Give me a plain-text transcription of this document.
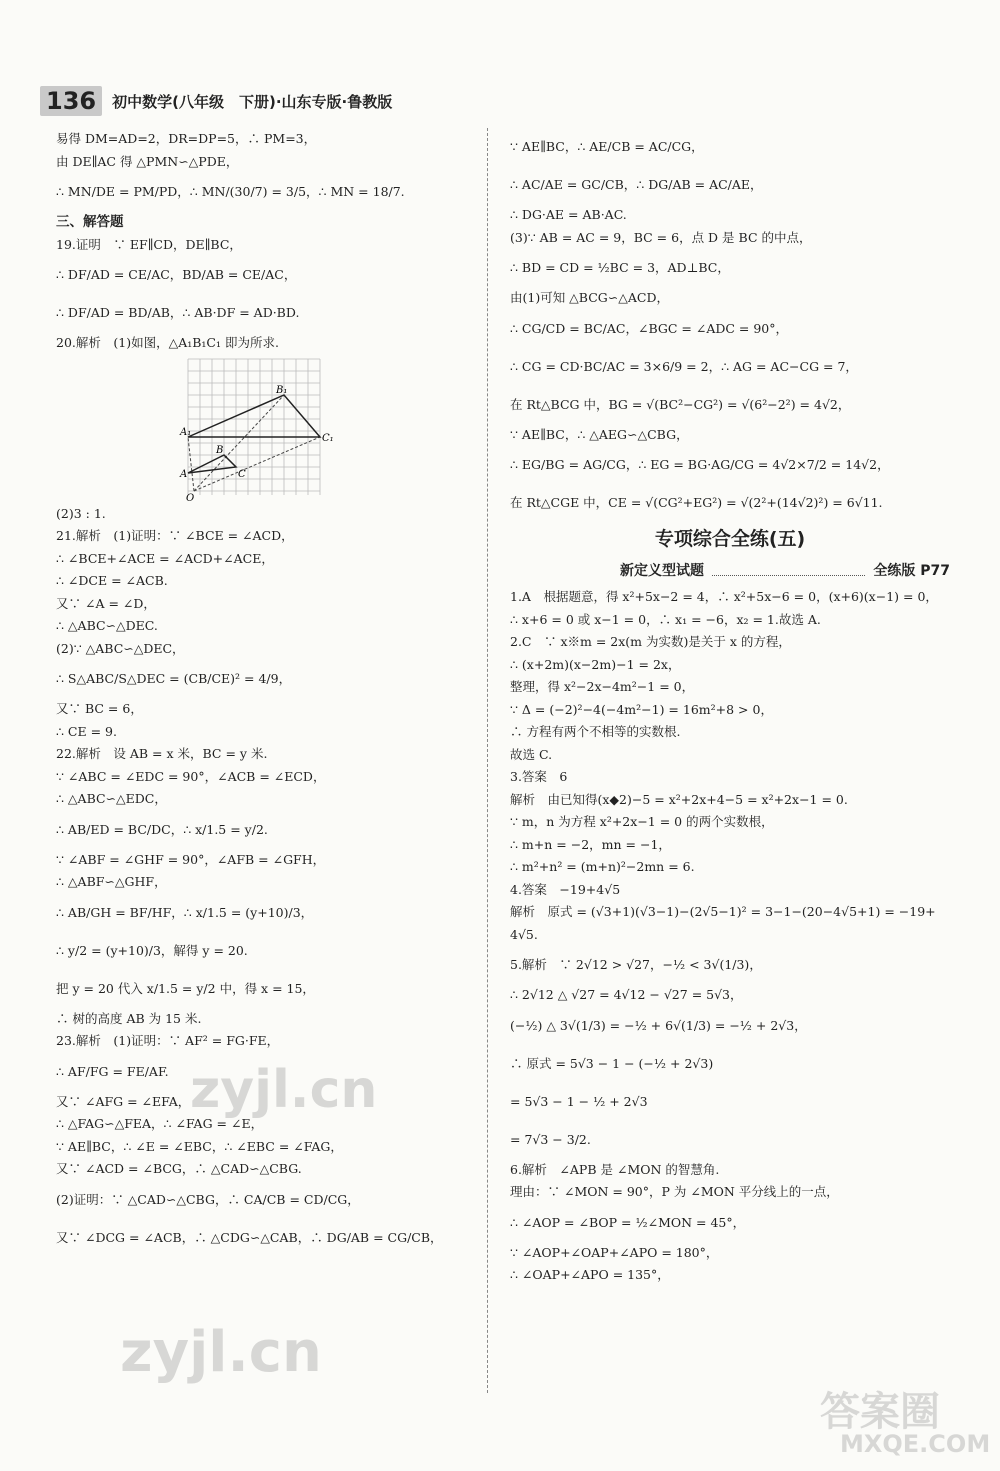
136	初中数学(八年级　下册)·山东专版·鲁教版
易得 DM=AD=2，DR=DP=5，∴ PM=3，
由 DE∥AC 得 △PMN∽△PDE，
∴ MN/DE = PM/PD，∴ MN/(30/7) = 3/5，∴ MN = 18/7.
三、解答题
19.证明　∵ EF∥CD，DE∥BC，
∴ DF/AD = CE/AC，BD/AB = CE/AC，
∴ DF/AD = BD/AB，∴ AB·DF = AD·BD.
20.解析　(1)如图，△A₁B₁C₁ 即为所求.
B₁
A₁
C₁
B
A	C
O
(2)3 : 1.
21.解析　(1)证明：∵ ∠BCE = ∠ACD，
∴ ∠BCE+∠ACE = ∠ACD+∠ACE，
∴ ∠DCE = ∠ACB.
又∵ ∠A = ∠D，
∴ △ABC∽△DEC.
(2)∵ △ABC∽△DEC，
∴ S△ABC/S△DEC = (CB/CE)² = 4/9，
又∵ BC = 6，
∴ CE = 9.
22.解析　设 AB = x 米，BC = y 米.
∵ ∠ABC = ∠EDC = 90°，∠ACB = ∠ECD，
∴ △ABC∽△EDC，
∴ AB/ED = BC/DC，∴ x/1.5 = y/2.
∵ ∠ABF = ∠GHF = 90°，∠AFB = ∠GFH，
∴ △ABF∽△GHF，
∴ AB/GH = BF/HF，∴ x/1.5 = (y+10)/3，
∴ y/2 = (y+10)/3，解得 y = 20.
把 y = 20 代入 x/1.5 = y/2 中，得 x = 15，
∴ 树的高度 AB 为 15 米.
23.解析　(1)证明：∵ AF² = FG·FE，
∴ AF/FG = FE/AF.
又∵ ∠AFG = ∠EFA，
∴ △FAG∽△FEA，∴ ∠FAG = ∠E，
∵ AE∥BC，∴ ∠E = ∠EBC，∴ ∠EBC = ∠FAG，
又∵ ∠ACD = ∠BCG，∴ △CAD∽△CBG.
(2)证明：∵ △CAD∽△CBG，∴ CA/CB = CD/CG，
又∵ ∠DCG = ∠ACB，∴ △CDG∽△CAB，∴ DG/AB = CG/CB，
∵ AE∥BC，∴ AE/CB = AC/CG，
∴ AC/AE = GC/CB，∴ DG/AB = AC/AE，
∴ DG·AE = AB·AC.
(3)∵ AB = AC = 9，BC = 6，点 D 是 BC 的中点，
∴ BD = CD = ½BC = 3，AD⊥BC，
由(1)可知 △BCG∽△ACD，
∴ CG/CD = BC/AC，∠BGC = ∠ADC = 90°，
∴ CG = CD·BC/AC = 3×6/9 = 2，∴ AG = AC−CG = 7，
在 Rt△BCG 中，BG = √(BC²−CG²) = √(6²−2²) = 4√2，
∵ AE∥BC，∴ △AEG∽△CBG，
∴ EG/BG = AG/CG，∴ EG = BG·AG/CG = 4√2×7/2 = 14√2，
在 Rt△CGE 中，CE = √(CG²+EG²) = √(2²+(14√2)²) = 6√11.
专项综合全练(五)
新定义型试题	全练版 P77
1.A　根据题意，得 x²+5x−2 = 4，∴ x²+5x−6 = 0，(x+6)(x−1) = 0，
∴ x+6 = 0 或 x−1 = 0，∴ x₁ = −6，x₂ = 1.故选 A.
2.C　∵ x※m = 2x(m 为实数)是关于 x 的方程，
∴ (x+2m)(x−2m)−1 = 2x，
整理，得 x²−2x−4m²−1 = 0，
∵ Δ = (−2)²−4(−4m²−1) = 16m²+8 > 0，
∴ 方程有两个不相等的实数根.
故选 C.
3.答案　6
解析　由已知得(x◆2)−5 = x²+2x+4−5 = x²+2x−1 = 0.
∵ m，n 为方程 x²+2x−1 = 0 的两个实数根，
∴ m+n = −2，mn = −1，
∴ m²+n² = (m+n)²−2mn = 6.
4.答案　−19+4√5
解析　原式 = (√3+1)(√3−1)−(2√5−1)² = 3−1−(20−4√5+1) = −19+
4√5.
5.解析　∵ 2√12 > √27，−½ < 3√(1/3)，
∴ 2√12 △ √27 = 4√12 − √27 = 5√3，
(−½) △ 3√(1/3) = −½ + 6√(1/3) = −½ + 2√3，
∴ 原式 = 5√3 − 1 − (−½ + 2√3)
= 5√3 − 1 − ½ + 2√3
= 7√3 − 3/2.
6.解析　∠APB 是 ∠MON 的智慧角.
理由：∵ ∠MON = 90°，P 为 ∠MON 平分线上的一点，
∴ ∠AOP = ∠BOP = ½∠MON = 45°，
∵ ∠AOP+∠OAP+∠APO = 180°，
∴ ∠OAP+∠APO = 135°，
zyjl.cn
zyjl.cn
答案圈
MXQE.COM
